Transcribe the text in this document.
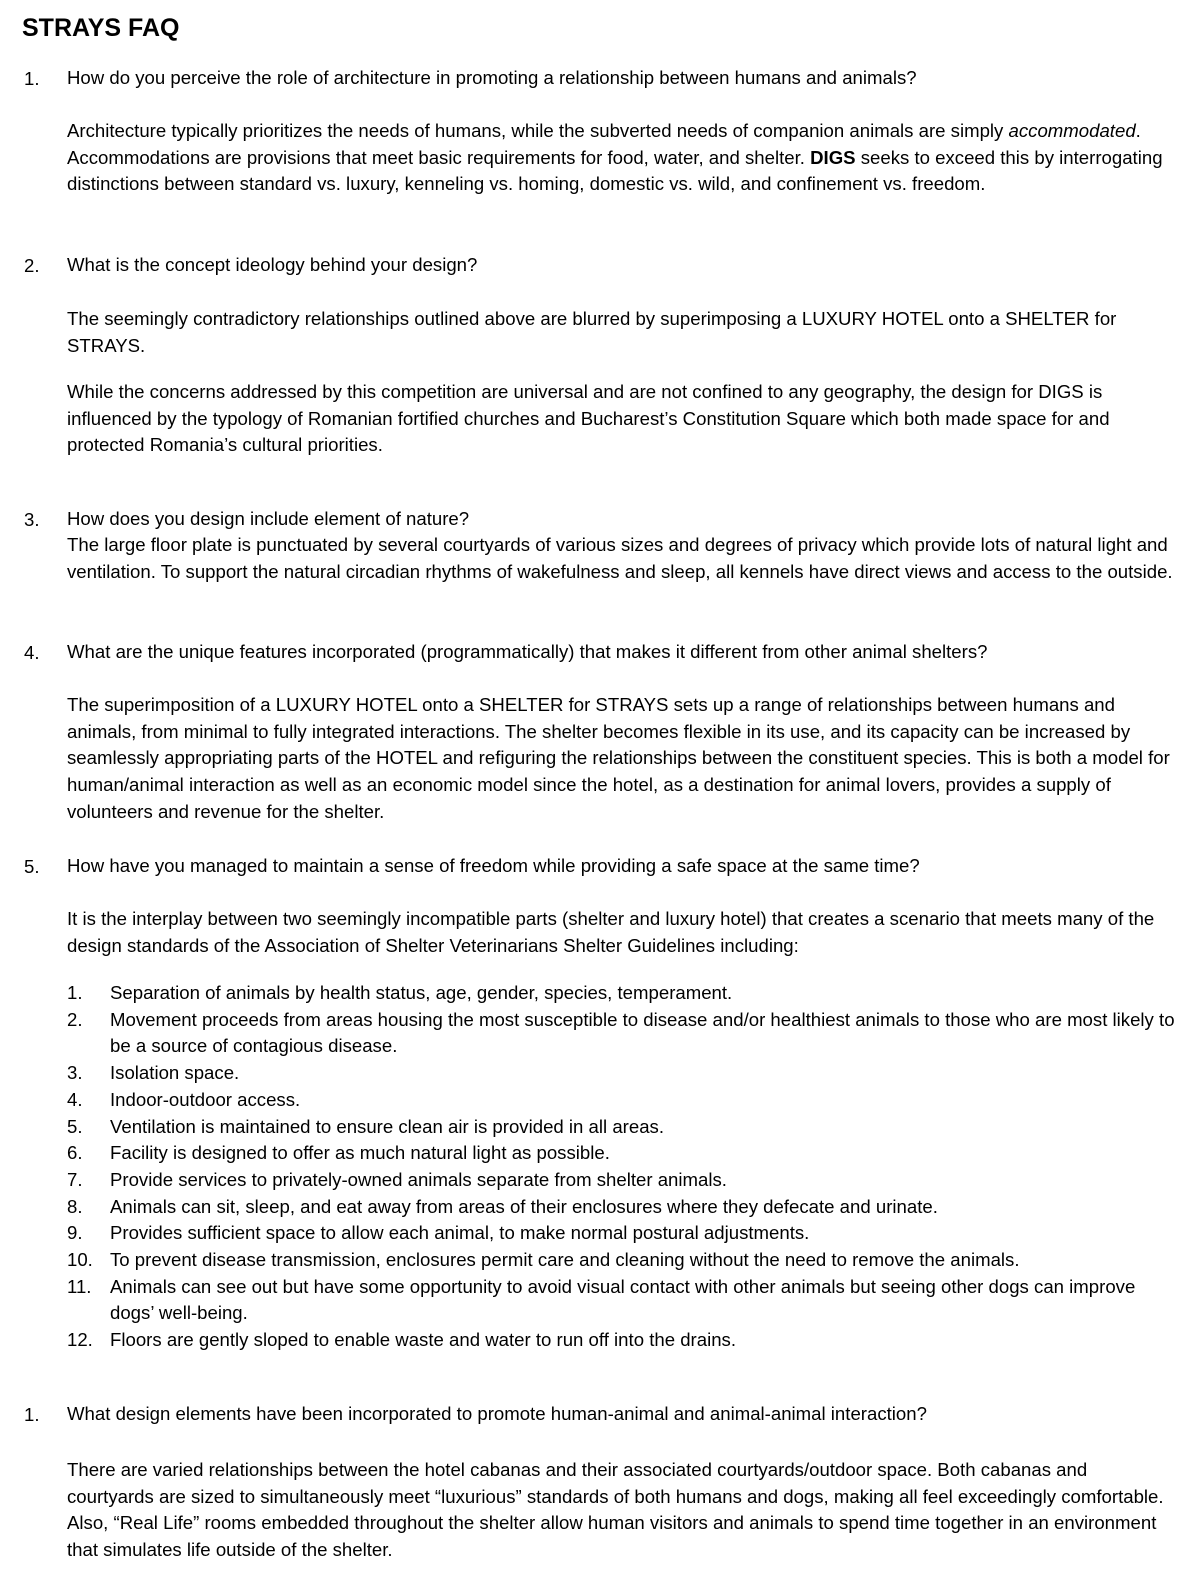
STRAYS FAQ

1. How do you perceive the role of architecture in promoting a relationship between humans and animals?

Architecture typically prioritizes the needs of humans, while the subverted needs of companion animals are simply accommodated. Accommodations are provisions that meet basic requirements for food, water, and shelter. DIGS seeks to exceed this by interrogating distinctions between standard vs. luxury, kenneling vs. homing, domestic vs. wild, and confinement vs. freedom.

2. What is the concept ideology behind your design?

The seemingly contradictory relationships outlined above are blurred by superimposing a LUXURY HOTEL onto a SHELTER for STRAYS.

While the concerns addressed by this competition are universal and are not confined to any geography, the design for DIGS is influenced by the typology of Romanian fortified churches and Bucharest’s Constitution Square which both made space for and protected Romania’s cultural priorities.

3. How does you design include element of nature?

The large floor plate is punctuated by several courtyards of various sizes and degrees of privacy which provide lots of natural light and ventilation. To support the natural circadian rhythms of wakefulness and sleep, all kennels have direct views and access to the outside.

4. What are the unique features incorporated (programmatically) that makes it different from other animal shelters?

The superimposition of a LUXURY HOTEL onto a SHELTER for STRAYS sets up a range of relationships between humans and animals, from minimal to fully integrated interactions. The shelter becomes flexible in its use, and its capacity can be increased by seamlessly appropriating parts of the HOTEL and refiguring the relationships between the constituent species. This is both a model for human/animal interaction as well as an economic model since the hotel, as a destination for animal lovers, provides a supply of volunteers and revenue for the shelter.

5. How have you managed to maintain a sense of freedom while providing a safe space at the same time?

It is the interplay between two seemingly incompatible parts (shelter and luxury hotel) that creates a scenario that meets many of the design standards of the Association of Shelter Veterinarians Shelter Guidelines including:

1.	Separation of animals by health status, age, gender, species, temperament.
2.	Movement proceeds from areas housing the most susceptible to disease and/or healthiest animals to those who are most likely to be a source of contagious disease.
3.	Isolation space.
4.	Indoor-outdoor access.
5.	Ventilation is maintained to ensure clean air is provided in all areas.
6.	Facility is designed to offer as much natural light as possible.
7.	Provide services to privately-owned animals separate from shelter animals.
8.	Animals can sit, sleep, and eat away from areas of their enclosures where they defecate and urinate.
9.	Provides sufficient space to allow each animal, to make normal postural adjustments.
10. To prevent disease transmission, enclosures permit care and cleaning without the need to remove the animals.
11. Animals can see out but have some opportunity to avoid visual contact with other animals but seeing other dogs can improve dogs’ well-being.
12. Floors are gently sloped to enable waste and water to run off into the drains.

1. What design elements have been incorporated to promote human-animal and animal-animal interaction?

There are varied relationships between the hotel cabanas and their associated courtyards/outdoor space. Both cabanas and courtyards are sized to simultaneously meet “luxurious” standards of both humans and dogs, making all feel exceedingly comfortable. Also, “Real Life” rooms embedded throughout the shelter allow human visitors and animals to spend time together in an environment that simulates life outside of the shelter.
